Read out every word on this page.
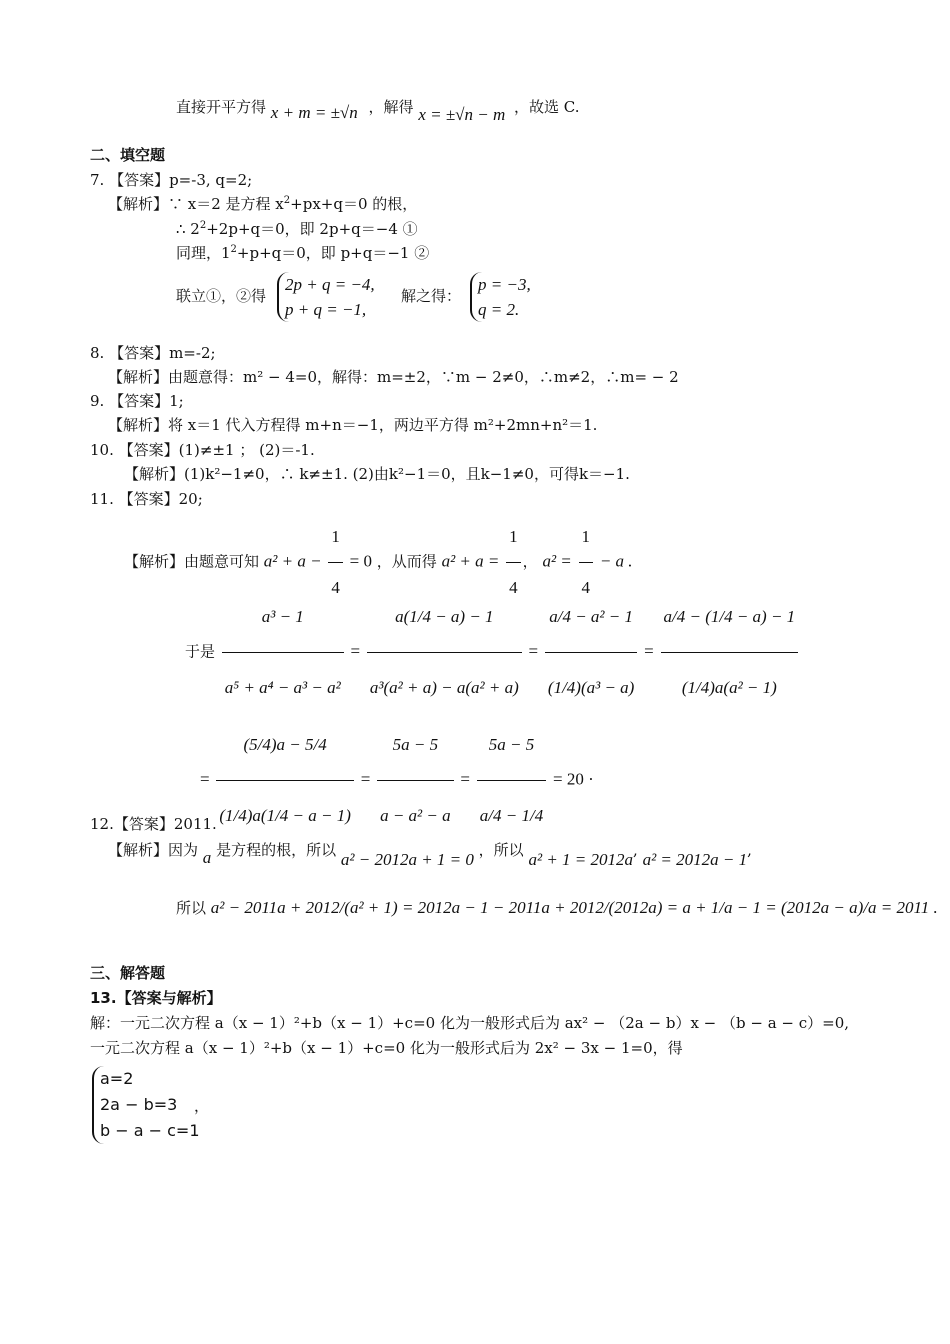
直接开平方得 x + m = ±√n ，解得 x = ±√n − m ，故选 C.
二、填空题
7. 【答案】p=-3, q=2;
【解析】∵ x＝2 是方程 $x^2+px+q=0$ 的根，
∴ $2^2+2p+q=0$，即 2p+q＝−4 ①
同理，$1^2+p+q=0$，即 p+q＝−1 ②
联立①，②得
2p + q = −4,
p + q = −1,
解之得：
p = −3,
q = 2.
8. 【答案】m=-2;
【解析】由题意得：m² − 4=0，解得：m=±2，∵m − 2≠0，∴m≠2，∴m= − 2
9. 【答案】1;
【解析】将 x＝1 代入方程得 m+n＝−1，两边平方得 m²+2mn+n²＝1.
10. 【答案】(1)≠±1 ； (2)＝-1.
【解析】(1)k²−1≠0，∴ k≠±1. (2)由k²−1＝0，且k−1≠0，可得k＝−1.
11. 【答案】20;
【解析】由题意可知 $a^2 + a - \frac{1}{4} = 0$ ，从而得 $a^2 + a = \frac{1}{4}$ ， $a^2 = \frac{1}{4} - a$ .
于是 $\frac{\text{a³ − 1}}{\text{a⁵ + a⁴ − a³ − a²}} = \frac{a(1/4 - a) - 1}{\text{a³(a² + a) − a(a² + a)}} = \frac{\text{a/4 − a² − 1}}{\text{(1/4)(a³ − a)}} = \frac{a/4 - (1/4 - a) - 1}{\text{(1/4)a(a² − 1)}}$
= $\frac{(5/4)a - 5/4}{(1/4)a(1/4 - a - 1)} = \frac{5a - 5}{\text{a − a² − a}} = \frac{5a - 5}{a/4 - 1/4} = 20$ ·
12.【答案】2011.
【解析】因为 a 是方程的根，所以 a² − 2012a + 1 = 0 ，所以 a² + 1 = 2012a, a² = 2012a − 1,
所以 a² − 2011a + 2012/(a² + 1) = 2012a − 1 − 2011a + 2012/(2012a) = a + 1/a − 1 = (2012a − a)/a = 2011 .
三、解答题
13.【答案与解析】
解：一元二次方程 a（x − 1）²+b（x − 1）+c=0 化为一般形式后为 ax² − （2a − b）x − （b − a − c）=0,
一元二次方程 a（x − 1）²+b（x − 1）+c=0 化为一般形式后为 2x² − 3x − 1=0，得
a=2
2a − b=3
b − a − c=1
，
